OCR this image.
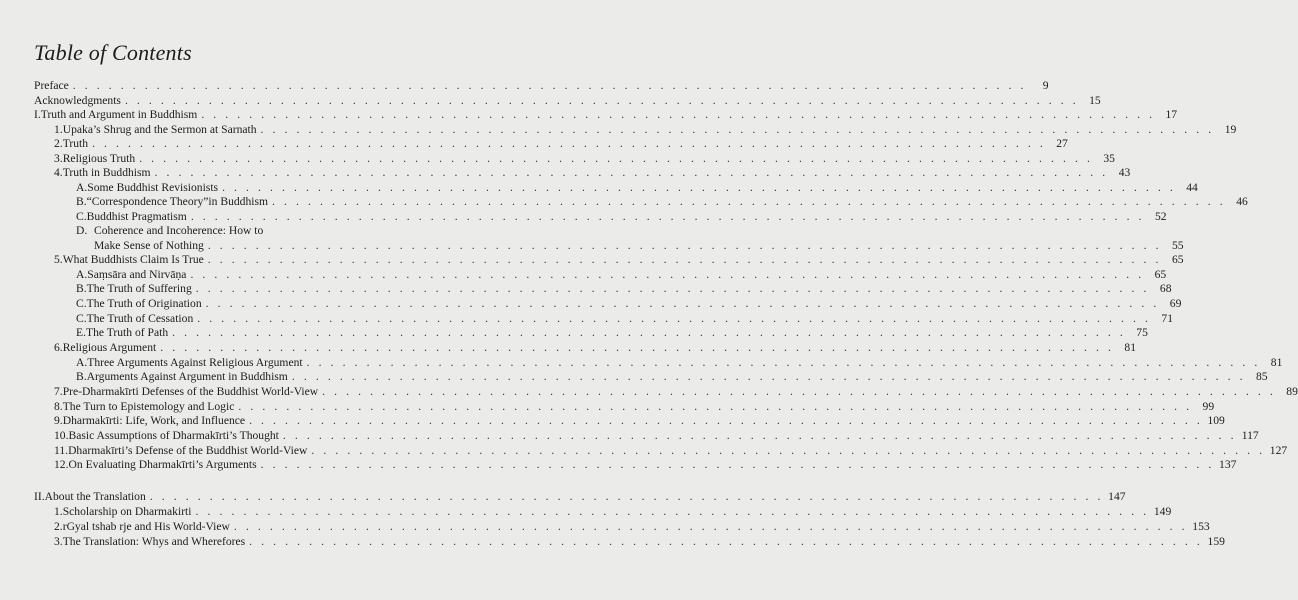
Table of Contents
Preface . . . . . . . . . . . . . . . . . . . . . . . . . . . . . . . . . . . . . . . . . . . . . . . . . . . . . . . . . . . . . . . . . . . . . . . . . . . . . . . .	9
Acknowledgments . . . . . . . . . . . . . . . . . . . . . . . . . . . . . . . . . . . . . . . . . . . . . . . . . . . . . . . . . . . . . . . . . . . . . . . . . . . . . . . . 15
I. Truth and Argument in Buddhism . . . . . . . . . . . . . . . . . . . . . . . . . . . . . . . . . . . . . . . . . . . . . . . . . . . . . . . . . . . . . . . . . . . . . . . . . . . . . . . . 17
1. Upaka’s Shrug and the Sermon at Sarnath . . . . . . . . . . . . . . . . . . . . . . . . . . . . . . . . . . . . . . . . . . . . . . . . . . . . . . . . . . . . . . . . . . . . . . . . . . . . . . . . 19
2. Truth . . . . . . . . . . . . . . . . . . . . . . . . . . . . . . . . . . . . . . . . . . . . . . . . . . . . . . . . . . . . . . . . . . . . . . . . . . . . . . . . 27
3. Religious Truth . . . . . . . . . . . . . . . . . . . . . . . . . . . . . . . . . . . . . . . . . . . . . . . . . . . . . . . . . . . . . . . . . . . . . . . . . . . . . . . . 35
4. Truth in Buddhism . . . . . . . . . . . . . . . . . . . . . . . . . . . . . . . . . . . . . . . . . . . . . . . . . . . . . . . . . . . . . . . . . . . . . . . . . . . . . . . . 43
A. Some Buddhist Revisionists . . . . . . . . . . . . . . . . . . . . . . . . . . . . . . . . . . . . . . . . . . . . . . . . . . . . . . . . . . . . . . . . . . . . . . . . . . . . . . . . 44
B. “Correspondence Theory”in Buddhism . . . . . . . . . . . . . . . . . . . . . . . . . . . . . . . . . . . . . . . . . . . . . . . . . . . . . . . . . . . . . . . . . . . . . . . . . . . . . . . . 46
C. Buddhist Pragmatism . . . . . . . . . . . . . . . . . . . . . . . . . . . . . . . . . . . . . . . . . . . . . . . . . . . . . . . . . . . . . . . . . . . . . . . . . . . . . . . . 52
D. Coherence and Incoherence: How to
Make Sense of Nothing . . . . . . . . . . . . . . . . . . . . . . . . . . . . . . . . . . . . . . . . . . . . . . . . . . . . . . . . . . . . . . . . . . . . . . . . . . . . . . . . 55
5. What Buddhists Claim Is True . . . . . . . . . . . . . . . . . . . . . . . . . . . . . . . . . . . . . . . . . . . . . . . . . . . . . . . . . . . . . . . . . . . . . . . . . . . . . . . . 65
A. Saṃsāra and Nirvāṇa . . . . . . . . . . . . . . . . . . . . . . . . . . . . . . . . . . . . . . . . . . . . . . . . . . . . . . . . . . . . . . . . . . . . . . . . . . . . . . . . 65
B. The Truth of Suffering . . . . . . . . . . . . . . . . . . . . . . . . . . . . . . . . . . . . . . . . . . . . . . . . . . . . . . . . . . . . . . . . . . . . . . . . . . . . . . . . 68
C. The Truth of Origination . . . . . . . . . . . . . . . . . . . . . . . . . . . . . . . . . . . . . . . . . . . . . . . . . . . . . . . . . . . . . . . . . . . . . . . . . . . . . . . . 69
C. The Truth of Cessation . . . . . . . . . . . . . . . . . . . . . . . . . . . . . . . . . . . . . . . . . . . . . . . . . . . . . . . . . . . . . . . . . . . . . . . . . . . . . . . . 71
E. The Truth of Path . . . . . . . . . . . . . . . . . . . . . . . . . . . . . . . . . . . . . . . . . . . . . . . . . . . . . . . . . . . . . . . . . . . . . . . . . . . . . . . . 75
6. Religious Argument . . . . . . . . . . . . . . . . . . . . . . . . . . . . . . . . . . . . . . . . . . . . . . . . . . . . . . . . . . . . . . . . . . . . . . . . . . . . . . . . 81
A. Three Arguments Against Religious Argument . . . . . . . . . . . . . . . . . . . . . . . . . . . . . . . . . . . . . . . . . . . . . . . . . . . . . . . . . . . . . . . . . . . . . . . . . . . . . . . . 81
B. Arguments Against Argument in Buddhism . . . . . . . . . . . . . . . . . . . . . . . . . . . . . . . . . . . . . . . . . . . . . . . . . . . . . . . . . . . . . . . . . . . . . . . . . . . . . . . . 85
7. Pre-Dharmakīrti Defenses of the Buddhist World-View . . . . . . . . . . . . . . . . . . . . . . . . . . . . . . . . . . . . . . . . . . . . . . . . . . . . . . . . . . . . . . . . . . . . . . . . . . . . . . . . 89
8. The Turn to Epistemology and Logic . . . . . . . . . . . . . . . . . . . . . . . . . . . . . . . . . . . . . . . . . . . . . . . . . . . . . . . . . . . . . . . . . . . . . . . . . . . . . . . . 99
9. Dharmakīrti: Life, Work, and Influence . . . . . . . . . . . . . . . . . . . . . . . . . . . . . . . . . . . . . . . . . . . . . . . . . . . . . . . . . . . . . . . . . . . . . . . . . . . . . . . . 109
10. Basic Assumptions of Dharmakīrti’s Thought . . . . . . . . . . . . . . . . . . . . . . . . . . . . . . . . . . . . . . . . . . . . . . . . . . . . . . . . . . . . . . . . . . . . . . . . . . . . . . . . 117
11. Dharmakīrti’s Defense of the Buddhist World-View . . . . . . . . . . . . . . . . . . . . . . . . . . . . . . . . . . . . . . . . . . . . . . . . . . . . . . . . . . . . . . . . . . . . . . . . . . . . . . . . 127
12. On Evaluating Dharmakīrti’s Arguments . . . . . . . . . . . . . . . . . . . . . . . . . . . . . . . . . . . . . . . . . . . . . . . . . . . . . . . . . . . . . . . . . . . . . . . . . . . . . . . . 137
II. About the Translation . . . . . . . . . . . . . . . . . . . . . . . . . . . . . . . . . . . . . . . . . . . . . . . . . . . . . . . . . . . . . . . . . . . . . . . . . . . . . . . . 147
1. Scholarship on Dharmakirti . . . . . . . . . . . . . . . . . . . . . . . . . . . . . . . . . . . . . . . . . . . . . . . . . . . . . . . . . . . . . . . . . . . . . . . . . . . . . . . . 149
2. rGyal tshab rje and His World-View . . . . . . . . . . . . . . . . . . . . . . . . . . . . . . . . . . . . . . . . . . . . . . . . . . . . . . . . . . . . . . . . . . . . . . . . . . . . . . . . 153
3. The Translation: Whys and Wherefores . . . . . . . . . . . . . . . . . . . . . . . . . . . . . . . . . . . . . . . . . . . . . . . . . . . . . . . . . . . . . . . . . . . . . . . . . . . . . . . . 159
